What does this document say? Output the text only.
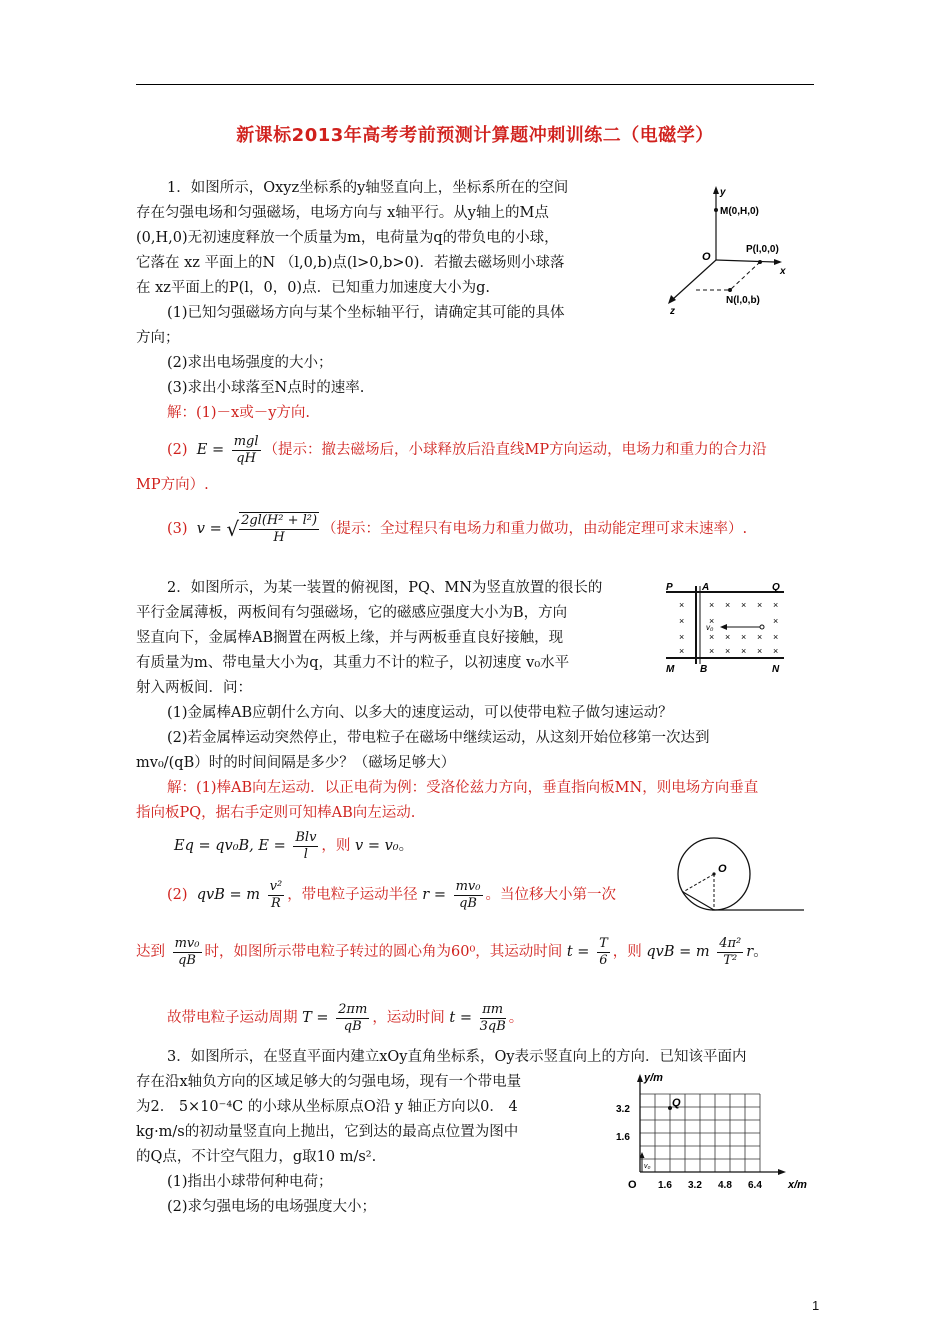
新课标2013年高考考前预测计算题冲刺训练二（电磁学）
1．如图所示，Oxyz坐标系的y轴竖直向上，坐标系所在的空间
存在匀强电场和匀强磁场，电场方向与 x轴平行。从y轴上的M点
(0,H,0)无初速度释放一个质量为m，电荷量为q的带负电的小球，
它落在 xz 平面上的N （l,0,b)点(l>0,b>0)．若撤去磁场则小球落
在 xz平面上的P(l，0，0)点．已知重力加速度大小为g.
(1)已知匀强磁场方向与某个坐标轴平行，请确定其可能的具体
方向；
(2)求出电场强度的大小；
(3)求出小球落至N点时的速率.
解：(1)－x或－y方向.
(2) $E = \frac{\text{mgl}}{qH}$ （提示：撤去磁场后，小球释放后沿直线MP方向运动，电场力和重力的合力沿
MP方向）.
(3) v = √ $\frac{\text{2gl(H² + l²)}}{H}$ （提示：全过程只有电场力和重力做功，由动能定理可求末速率）.
y
x
z
O
M(0,H,0)
P(l,0,0)
N(l,0,b)
2．如图所示，为某一装置的俯视图，PQ、MN为竖直放置的很长的
平行金属薄板，两板间有匀强磁场，它的磁感应强度大小为B，方向
竖直向下，金属棒AB搁置在两板上缘，并与两板垂直良好接触，现
有质量为m、带电量大小为q，其重力不计的粒子，以初速度 v₀水平
射入两板间．问：
(1)金属棒AB应朝什么方向、以多大的速度运动，可以使带电粒子做匀速运动？
(2)若金属棒运动突然停止，带电粒子在磁场中继续运动，从这刻开始位移第一次达到
mv₀/(qB）时的时间间隔是多少？（磁场足够大）
解：(1)棒AB向左运动．以正电荷为例：受洛伦兹力方向，垂直指向板MN，则电场方向垂直
指向板PQ，据右手定则可知棒AB向左运动.
Eq = qv₀B, $E = \frac{\text{Blv}}{l}$ ，则 v = v₀。
(2) qvB = m $\frac{\text{v²}}{R}$ ，带电粒子运动半径 $r = \frac{\text{mv₀}}{qB}$ 。当位移大小第一次
达到 $\frac{\text{mv₀}}{qB}$ 时，如图所示带电粒子转过的圆心角为60⁰，其运动时间 $t = \frac{T}{6}$ ，则 qvB = m $\frac{\text{4π²}}{\text{T²}}$ r。
故带电粒子运动周期 $T = \frac{2\pi m}{qB}$ ，运动时间 $t = \frac{\pi m}{3qB}$ 。
×	× × × × ×
×	×	×
×	× × × × ×
×	× × × × ×
v₀
P	A	Q
M	B	N
O
3．如图所示，在竖直平面内建立xOy直角坐标系，Oy表示竖直向上的方向．已知该平面内
存在沿x轴负方向的区域足够大的匀强电场，现有一个带电量
为2． 5×10⁻⁴C 的小球从坐标原点O沿 y 轴正方向以0． 4
kg·m/s的初动量竖直向上抛出，它到达的最高点位置为图中
的Q点，不计空气阻力，g取10 m/s².
(1)指出小球带何种电荷；
(2)求匀强电场的电场强度大小；
y/m
x/m
Q
O
v₀
3.2
1.6
1.6 3.2 4.8 6.4
1
